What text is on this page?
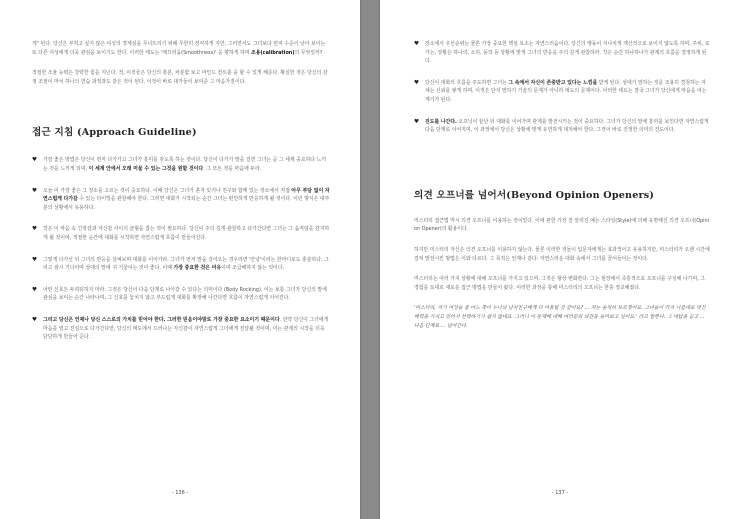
게" 된다. 당신은 부처고 싶지 않은 여성의 경계심을 무너뜨리기 위해 무한히 정직하게 지만, 그러면서도 그녀보다 먼저 수준이 낮아 보이는 또 다른 여성에게 더욱 관심을 보이기도 한다. 이러한 태도는 '매끄러움(Smoothness)' 을 향하게 하며 조용(calibration)의 무엇일까?

적절한 조율 능력은 강력한 힘을 지닌다. 적, 이것들은 당신의 흥분, 차분함 보고 마인드 컨트롤 을 할 수 있게 해준다. 확실한 것은 당신의 감정 조절이 마치 하나의 연습 과정과도 같은 것이 된다. 이것이 바로 대가들이 보여준 그 마음가짐이다.

접근 지침 (Approach Guideline)
♥ 가장 좋은 방법은 당신이 먼저 다가가고 그녀가 흥미를 갖도록 하는 것이다. 당신이 다가가 말을 걸면 그녀는 곧 그 세계 중요하다 느끼는 것을 느끼게 되며, 이 세계 안에서 오래 머물 수 있는 그것을 원할 것이다. 그 모든 것을 마음에 두라.
♥ 오늘 이 가장 좋은 그 장소를 고르는 것이 중요하다. 이때 당신은 그녀가 혼자 있거나 친구와 함께 있는 장소에서 직접 아무 부담 없이 자연스럽게 다가갈 수 있는 타이밍을 관찰해야 한다. 그러면 대화가 시작되는 순간 그녀는 편안하게 반응하게 될 것이다. 이런 방식은 대부분의 상황에서 유용하다.
♥ 작은 이 마음 속 긴장감과 자신감 사이의 균형을 잡는 것이 필요하다. 당신이 주의 깊게 관찰하고 다가간다면 그녀는 그 움직임을 감지하게 될 것이며, 적절한 순간에 대화를 시작하면 자연스럽게 흐름이 만들어진다.
♥ 그렇게 다가선 뒤 그녀의 반응을 살펴보며 대화를 이어가라. 그녀가 먼저 말을 걸어오는 경우라면 '안녕'이라는 한마디로도 충분하다. 그리고 잠시 기다리며 상대의 말에 귀 기울이는 것이 좋다. 이때 가장 중요한 것은 여유이며 조급해하지 않는 것이다.
♥ 어떤 신호든 두려워하지 마라. 그것은 당신이 다음 단계로 나아갈 수 있다는 의미이다 (Body Rocking). 이는 보통 그녀가 당신의 말에 관심을 보이는 순간 나타나며, 그 신호를 놓치지 않고 부드럽게 대화를 확장해 나간다면 흐름이 자연스럽게 이어진다.
♥ 그리고 당신은 언제나 당신 스스로의 가치를 믿어야 한다. 그러한 믿음이야말로 가장 중요한 요소이기 때문이다. 만약 당신이 그녀에게 마음을 열고 진심으로 다가간다면, 당신의 태도에서 드러나는 자신감이 자연스럽게 그녀에게 전달될 것이며, 이는 관계의 시작을 더욱 단단하게 만들어 준다.
- 136 -
♥ 장소에서 우선순위는 물론 가장 중요한 핵심 요소는 자연스러움이다. 당신의 행동이 지나치게 계산적으로 보이지 않도록 하며, 주위, 로가는, 상황은 하나의, 소리, 동작 등 상황에 맞게 그녀의 반응을 주의 깊게 관찰하라. 작은 순간 하나하나가 관계의 흐름을 결정하게 된다.
♥ 당신이 대화의 흐름을 주도하면 그녀는 그 속에서 자신이 존중받고 있다는 느낌을 받게 된다. 상대가 말하는 것을 조용히 경청하는 자세는 신뢰를 쌓게 하며, 이것은 단지 말하기 기술의 문제가 아니라 태도의 문제이다. 이러한 태도는 결국 그녀가 당신에게 마음을 여는 계기가 된다.
♥ 진도를 나간다. 오프닝이 끝난 뒤 대화를 이어가며 관계를 발전시키는 것이 중요하다. 그녀가 당신의 말에 흥미를 보인다면 자연스럽게 다음 단계로 이어지며, 이 과정에서 당신은 상황에 맞게 유연하게 대처해야 한다. 그것이 바로 진정한 의미의 진도이다.
의견 오프너를 넘어서(Beyond Opinion Openers)

미스터리 접근법 역시 의견 오프너를 이용하는 것이었다. 이에 관한 가장 잘 알려진 예는 스타일(Style)에 의해 유명해진 의견 오프너(Opinion Opener)의 활용이다.

하지만 미스터리 자신은 의견 오프너를 이용하지 않는다. 물론 이러한 것들이 입문자에게는 효과적이고 유용하지만, 미스터리가 오랜 시간에 걸쳐 발전시킨 방법은 이와 다르다. 그 목적은 언제나 같다: 자연스러운 대화 속에서 그녀를 끌어들이는 것이다.

미스터리는 여러 가지 상황에 대해 오프너를 가지고 있으며, 그것은 항상 변화한다. 그는 현장에서 즉흥적으로 오프너를 구성해 나가며, 그 경험을 토대로 새로운 접근 방법을 만들어 왔다. 이러한 과정을 통해 미스터리의 오프너는 한층 정교해졌다.

'미스터리, 저기 여성들 중 어느 쪽이 누나의 남자친구에게 더 어울릴 것 같아요? ... 저는 솔직히 모르겠어요. 그녀들이 각자 나름대로 멋진 매력을 가지고 있어서 선택하기가 쉽지 않네요. 그러니 이 문제에 대해 여러분의 의견을 들어보고 싶어요.' 라고 말한다. 그 대답을 듣고 ... 다음 단계로 ... 넘어간다.

- 137 -
